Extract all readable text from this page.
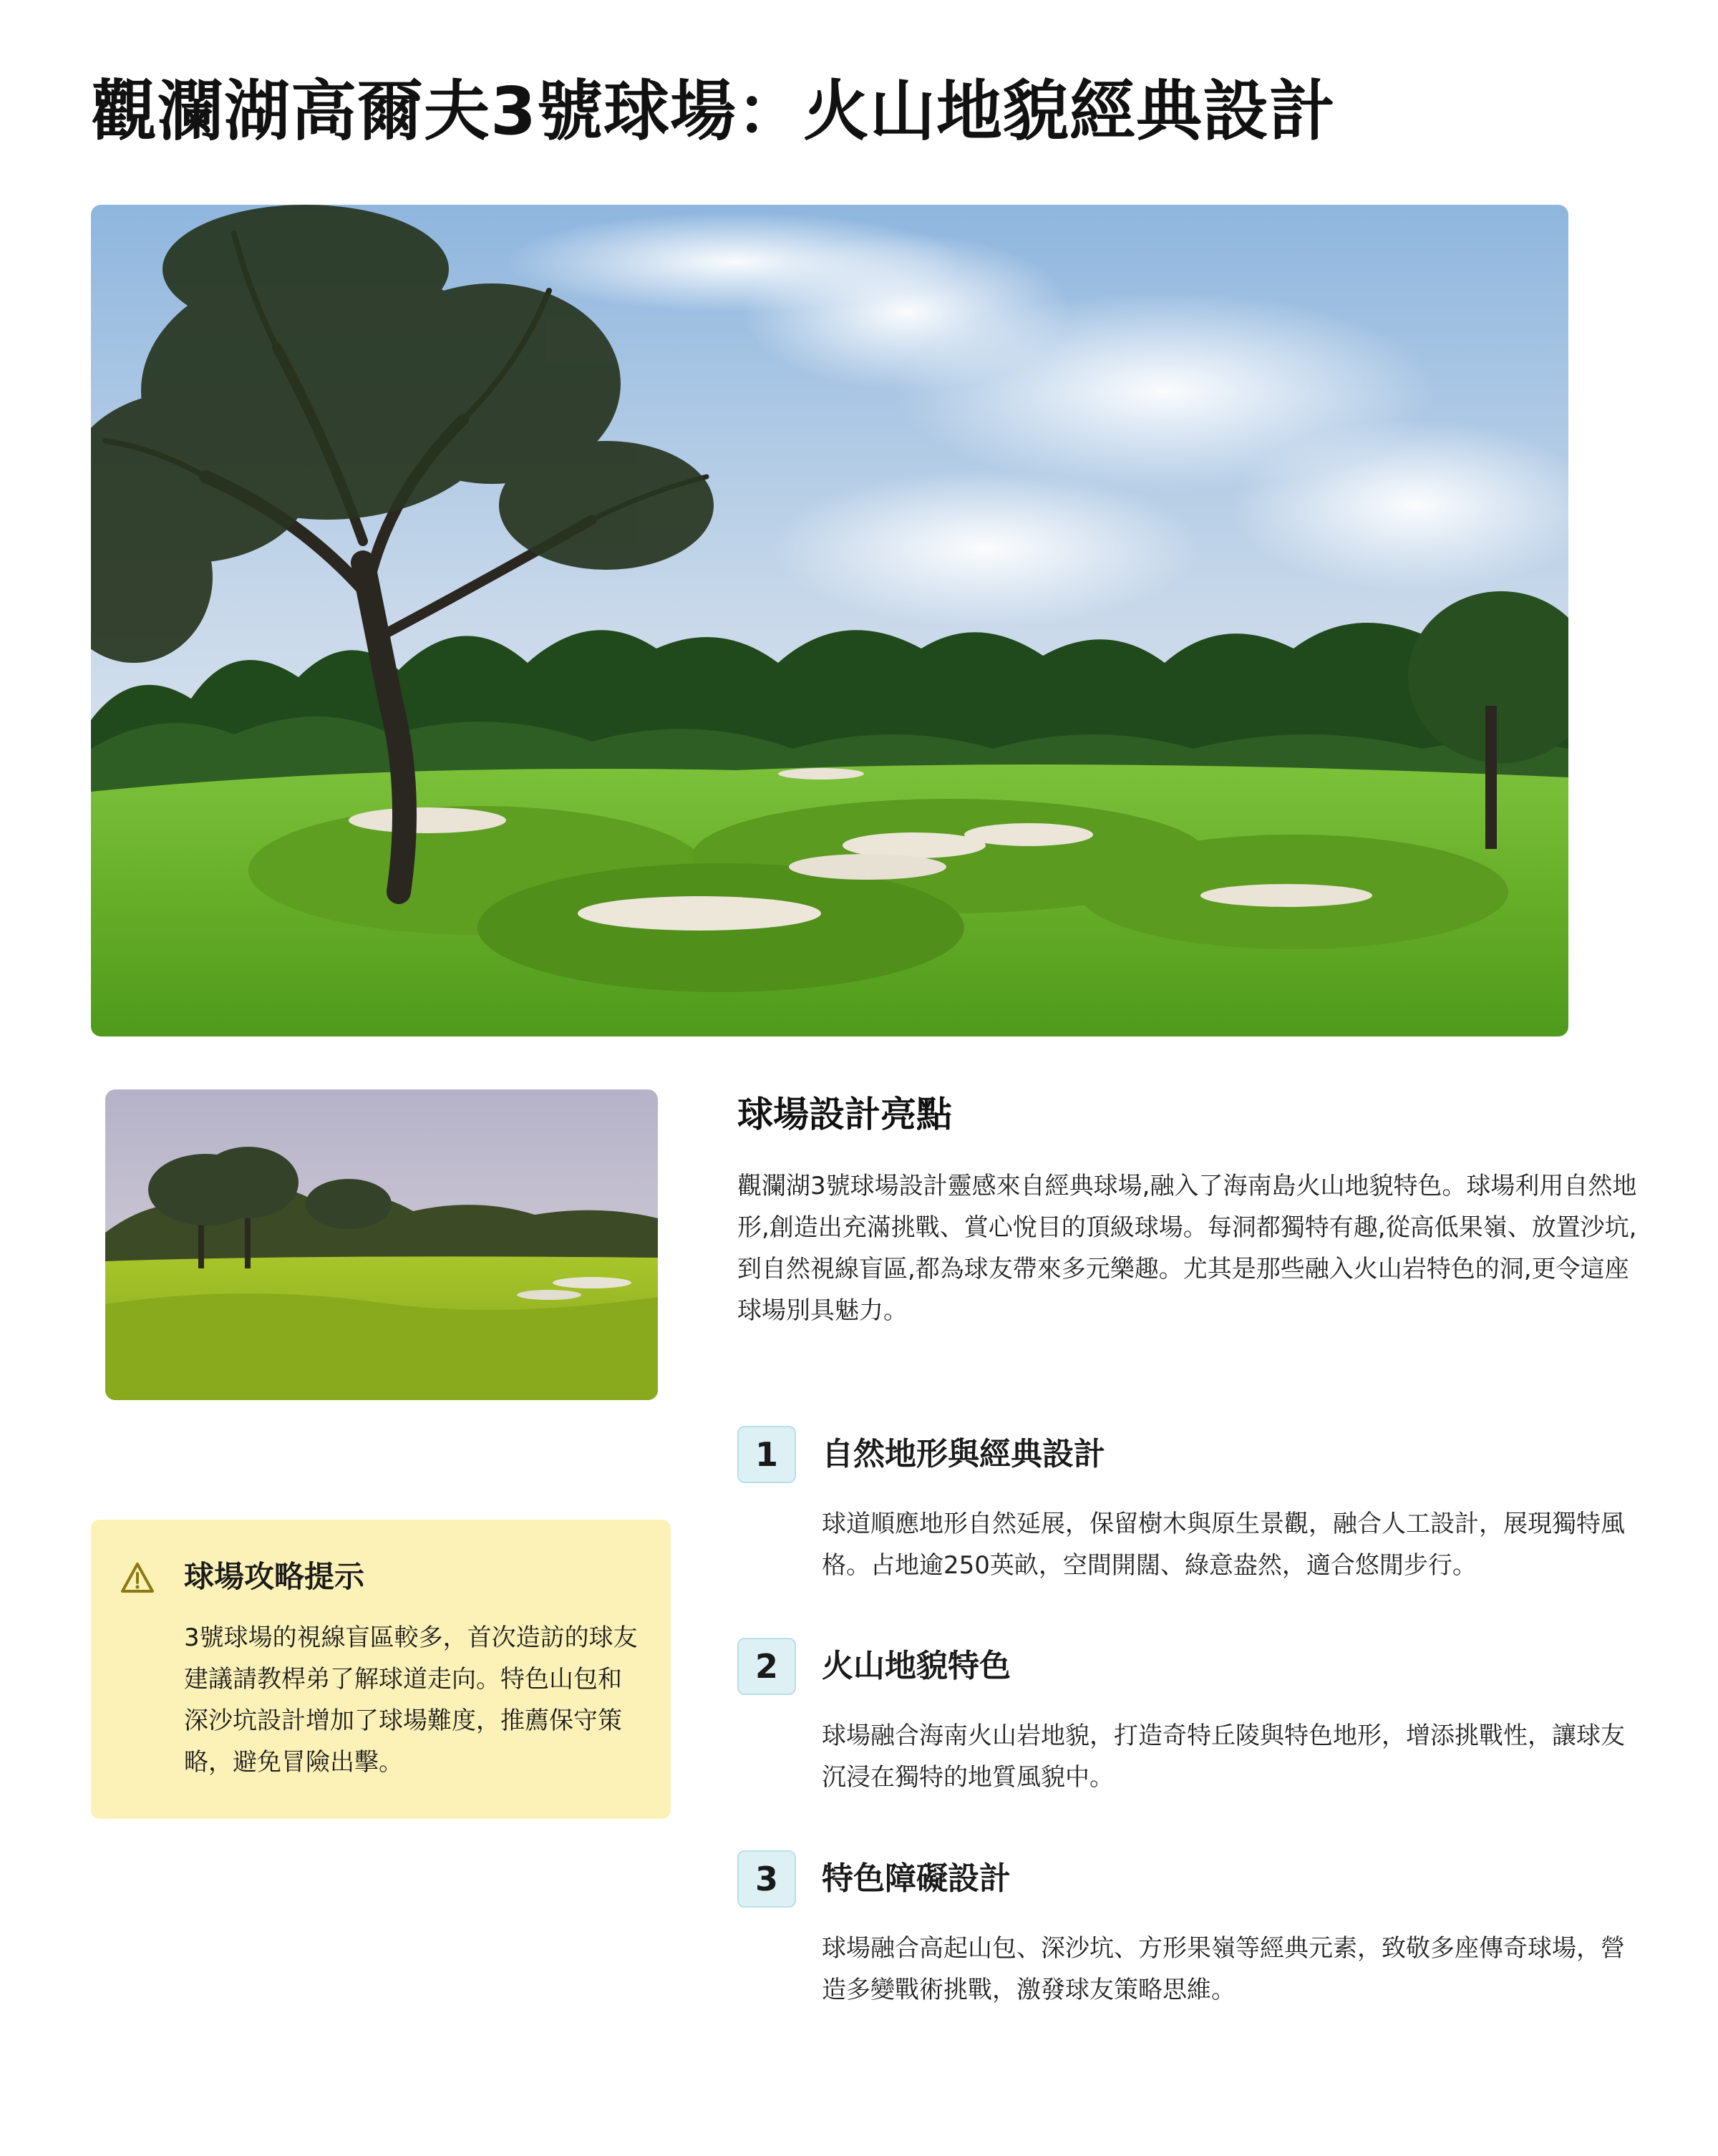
觀瀾湖高爾夫3號球場：火山地貌經典設計
球場攻略提示
3號球場的視線盲區較多，首次造訪的球友建議請教桿弟了解球道走向。特色山包和深沙坑設計增加了球場難度，推薦保守策略，避免冒險出擊。
球場設計亮點
觀瀾湖3號球場設計靈感來自經典球場,融入了海南島火山地貌特色。球場利用自然地形,創造出充滿挑戰、賞心悅目的頂級球場。每洞都獨特有趣,從高低果嶺、放置沙坑,到自然視線盲區,都為球友帶來多元樂趣。尤其是那些融入火山岩特色的洞,更令這座球場別具魅力。
1	自然地形與經典設計
球道順應地形自然延展，保留樹木與原生景觀，融合人工設計，展現獨特風格。占地逾250英畝，空間開闊、綠意盎然，適合悠閒步行。
2	火山地貌特色
球場融合海南火山岩地貌，打造奇特丘陵與特色地形，增添挑戰性，讓球友沉浸在獨特的地質風貌中。
3	特色障礙設計
球場融合高起山包、深沙坑、方形果嶺等經典元素，致敬多座傳奇球場，營造多變戰術挑戰，激發球友策略思維。
